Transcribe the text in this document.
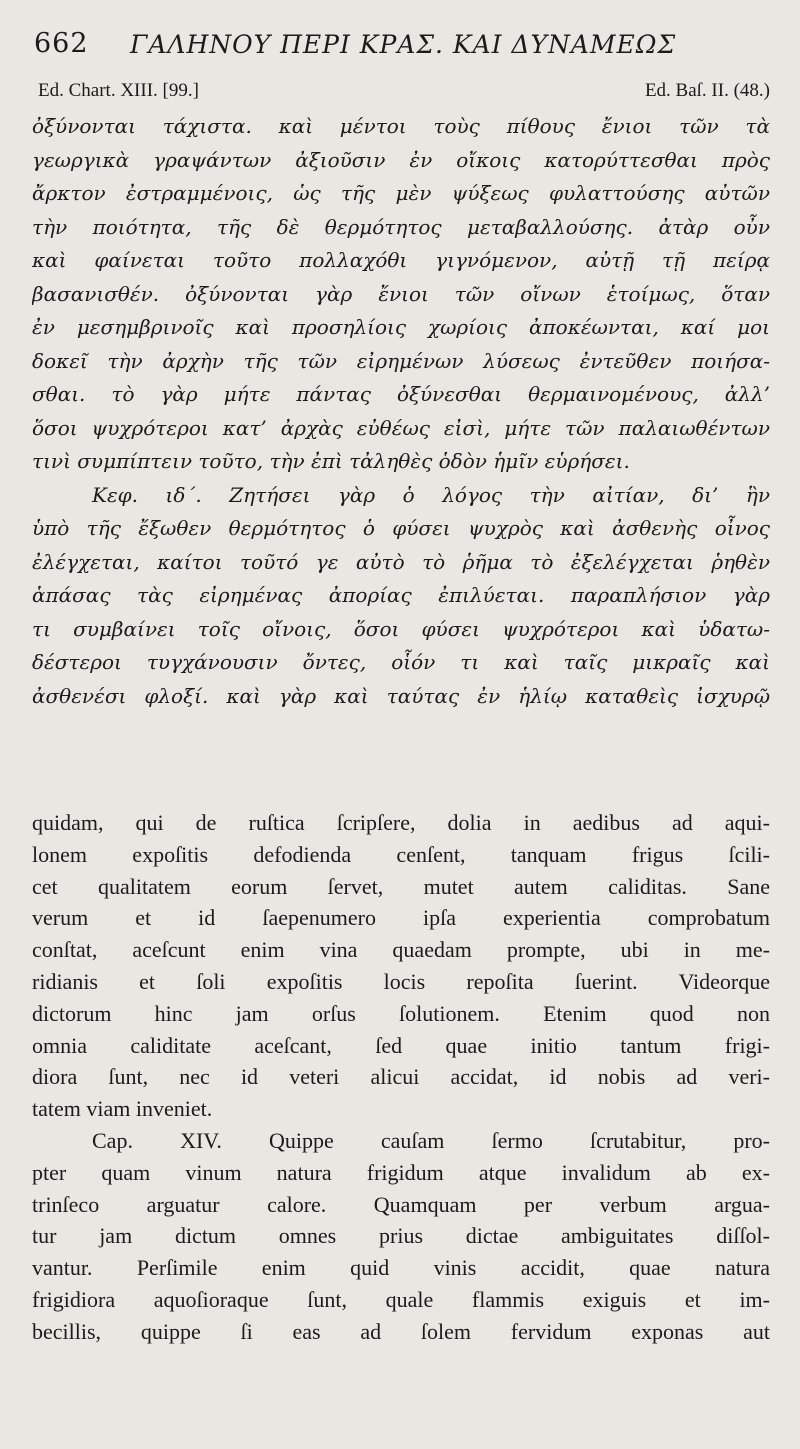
662 ΓΑΛΗΝΟΥ ΠΕΡΙ ΚΡΑΣ. ΚΑΙ ΔΥΝΑΜΕΩΣ
Ed. Chart. XIII. [99.]	Ed. Baſ. II. (48.)
ὀξύνονται τάχιστα. καὶ μέντοι τοὺς πίθους ἔνιοι τῶν τὰ
γεωργικὰ γραψάντων ἀξιοῦσιν ἐν οἴκοις κατορύττεσθαι πρὸς
ἄρκτον ἐστραμμένοις, ὡς τῆς μὲν ψύξεως φυλαττούσης αὐτῶν
τὴν ποιότητα, τῆς δὲ θερμότητος μεταβαλλούσης. ἀτὰρ οὖν
καὶ φαίνεται τοῦτο πολλαχόθι γιγνόμενον, αὐτῇ τῇ πείρᾳ
βασανισθέν. ὀξύνονται γὰρ ἔνιοι τῶν οἴνων ἑτοίμως, ὅταν
ἐν μεσημβρινοῖς καὶ προσηλίοις χωρίοις ἀποκέωνται, καί μοι
δοκεῖ τὴν ἀρχὴν τῆς τῶν εἰρημένων λύσεως ἐντεῦθεν ποιήσα-
σθαι. τὸ γὰρ μήτε πάντας ὀξύνεσθαι θερμαινομένους, ἀλλ’
ὅσοι ψυχρότεροι κατ’ ἀρχὰς εὐθέως εἰσὶ, μήτε τῶν παλαιωθέντων
τινὶ συμπίπτειν τοῦτο, τὴν ἐπὶ τἀληθὲς ὁδὸν ἡμῖν εὑρήσει.
Κεφ. ιδ΄. Ζητήσει γὰρ ὁ λόγος τὴν αἰτίαν, δι’ ἣν
ὑπὸ τῆς ἔξωθεν θερμότητος ὁ φύσει ψυχρὸς καὶ ἀσθενὴς οἶνος
ἐλέγχεται, καίτοι τοῦτό γε αὐτὸ τὸ ῥῆμα τὸ ἐξελέγχεται ῥηθὲν
ἁπάσας τὰς εἰρημένας ἀπορίας ἐπιλύεται. παραπλήσιον γὰρ
τι συμβαίνει τοῖς οἴνοις, ὅσοι φύσει ψυχρότεροι καὶ ὑδατω-
δέστεροι τυγχάνουσιν ὄντες, οἷόν τι καὶ ταῖς μικραῖς καὶ
ἀσθενέσι φλοξί. καὶ γὰρ καὶ ταύτας ἐν ἡλίῳ καταθεὶς ἰσχυρῷ
quidam, qui de ruſtica ſcripſere, dolia in aedibus ad aqui-
lonem expoſitis defodienda cenſent, tanquam frigus ſcili-
cet qualitatem eorum ſervet, mutet autem caliditas. Sane
verum et id ſaepenumero ipſa experientia comprobatum
conſtat, aceſcunt enim vina quaedam prompte, ubi in me-
ridianis et ſoli expoſitis locis repoſita ſuerint. Videorque
dictorum hinc jam orſus ſolutionem. Etenim quod non
omnia caliditate aceſcant, ſed quae initio tantum frigi-
diora ſunt, nec id veteri alicui accidat, id nobis ad veri-
tatem viam inveniet.
Cap. XIV. Quippe cauſam ſermo ſcrutabitur, pro-
pter quam vinum natura frigidum atque invalidum ab ex-
trinſeco arguatur calore. Quamquam per verbum argua-
tur jam dictum omnes prius dictae ambiguitates diſſol-
vantur. Perſimile enim quid vinis accidit, quae natura
frigidiora aquoſioraque ſunt, quale flammis exiguis et im-
becillis, quippe ſi eas ad ſolem fervidum exponas aut
